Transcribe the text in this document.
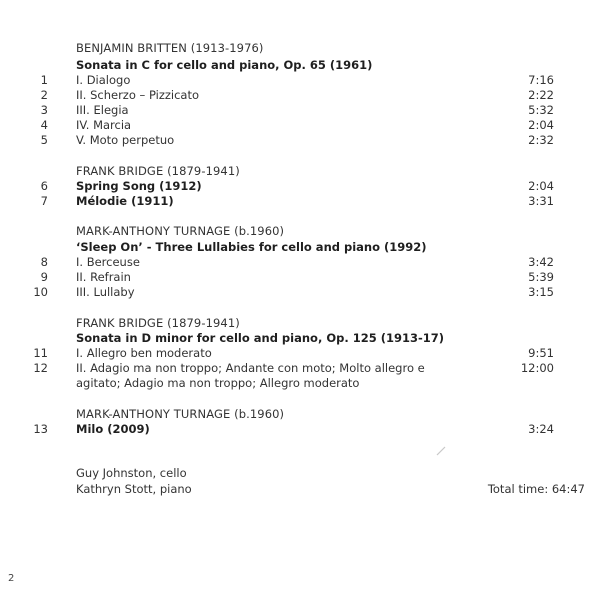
BENJAMIN BRITTEN (1913-1976)
Sonata in C for cello and piano, Op. 65 (1961)
1 I. Dialogo	7:16
2 II. Scherzo – Pizzicato	2:22
3 III. Elegia	5:32
4 IV. Marcia	2:04
5 V. Moto perpetuo	2:32
FRANK BRIDGE (1879-1941)
6 Spring Song (1912)	2:04
7 Mélodie (1911)	3:31
MARK-ANTHONY TURNAGE (b.1960)
‘Sleep On’ - Three Lullabies for cello and piano (1992)
8 I. Berceuse	3:42
9 II. Refrain	5:39
10 III. Lullaby	3:15
FRANK BRIDGE (1879-1941)
Sonata in D minor for cello and piano, Op. 125 (1913-17)
11 I. Allegro ben moderato	9:51
12 II. Adagio ma non troppo; Andante con moto; Molto allegro e	12:00
agitato; Adagio ma non troppo; Allegro moderato
MARK-ANTHONY TURNAGE (b.1960)
13 Milo (2009)	3:24
Guy Johnston, cello
Kathryn Stott, piano	Total time: 64:47
2
